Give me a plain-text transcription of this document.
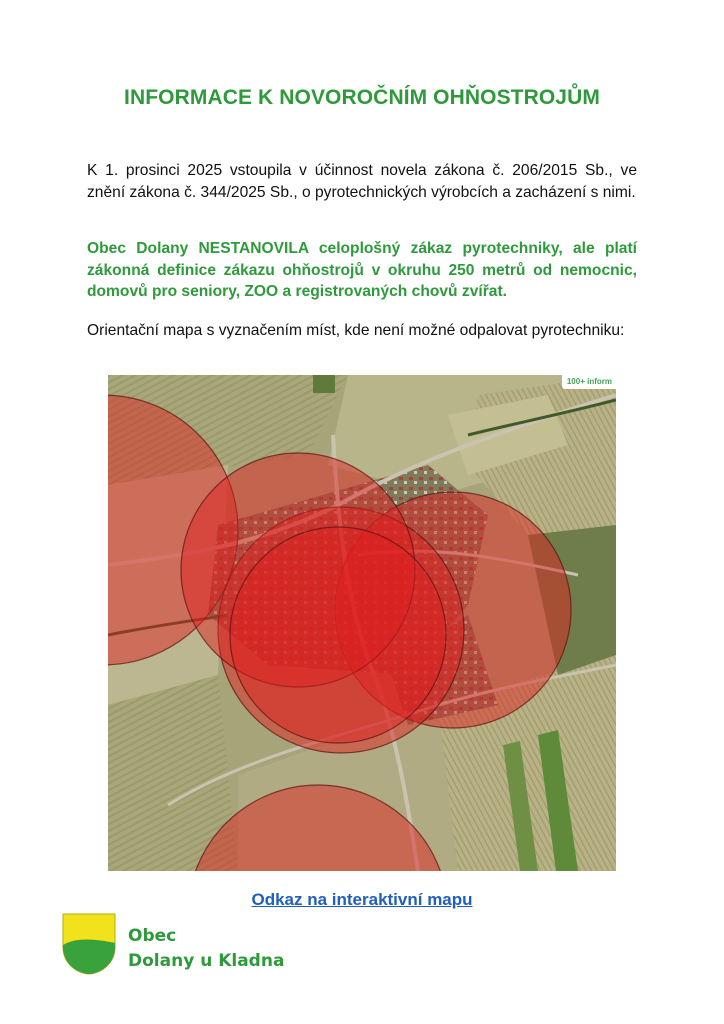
INFORMACE K NOVOROČNÍM OHŇOSTROJŮM
K 1. prosinci 2025 vstoupila v účinnost novela zákona č. 206/2015 Sb., ve znění zákona č. 344/2025 Sb., o pyrotechnických výrobcích a zacházení s nimi.
Obec Dolany NESTANOVILA celoplošný zákaz pyrotechniky, ale platí zákonná definice zákazu ohňostrojů v okruhu 250 metrů od nemocnic, domovů pro seniory, ZOO a registrovaných chovů zvířat.
Orientační mapa s vyznačením míst, kde není možné odpalovat pyrotechniku:
100+ inform
Odkaz na interaktivní mapu
Obec
Dolany u Kladna
